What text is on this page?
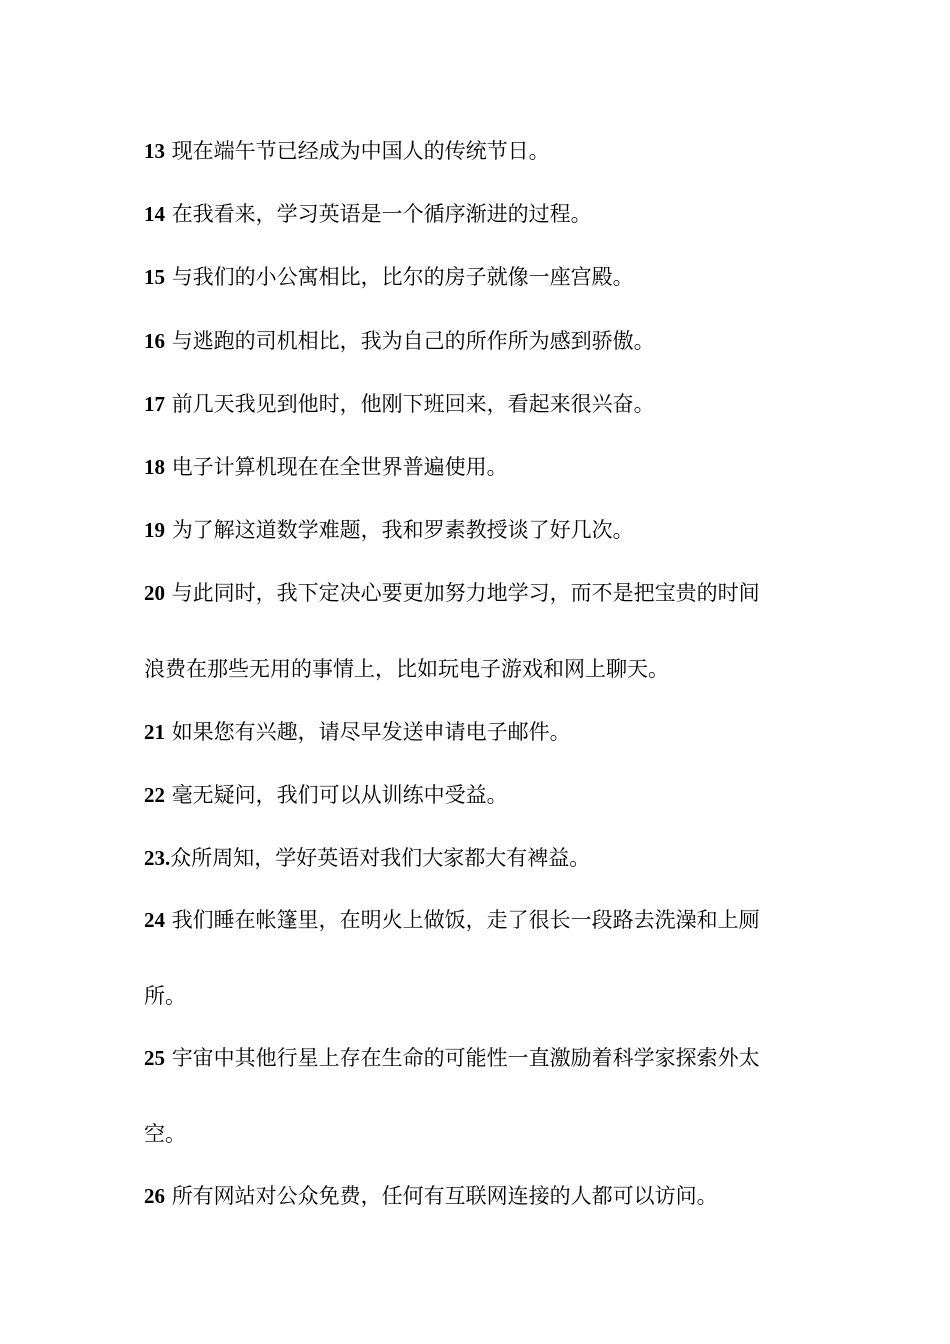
13 现在端午节已经成为中国人的传统节日。
14 在我看来，学习英语是一个循序渐进的过程。
15 与我们的小公寓相比，比尔的房子就像一座宫殿。
16 与逃跑的司机相比，我为自己的所作所为感到骄傲。
17 前几天我见到他时，他刚下班回来，看起来很兴奋。
18 电子计算机现在在全世界普遍使用。
19 为了解这道数学难题，我和罗素教授谈了好几次。
20 与此同时，我下定决心要更加努力地学习，而不是把宝贵的时间
浪费在那些无用的事情上，比如玩电子游戏和网上聊天。
21 如果您有兴趣，请尽早发送申请电子邮件。
22 毫无疑问，我们可以从训练中受益。
23.众所周知，学好英语对我们大家都大有裨益。
24 我们睡在帐篷里，在明火上做饭，走了很长一段路去洗澡和上厕
所。
25 宇宙中其他行星上存在生命的可能性一直激励着科学家探索外太
空。
26 所有网站对公众免费，任何有互联网连接的人都可以访问。
